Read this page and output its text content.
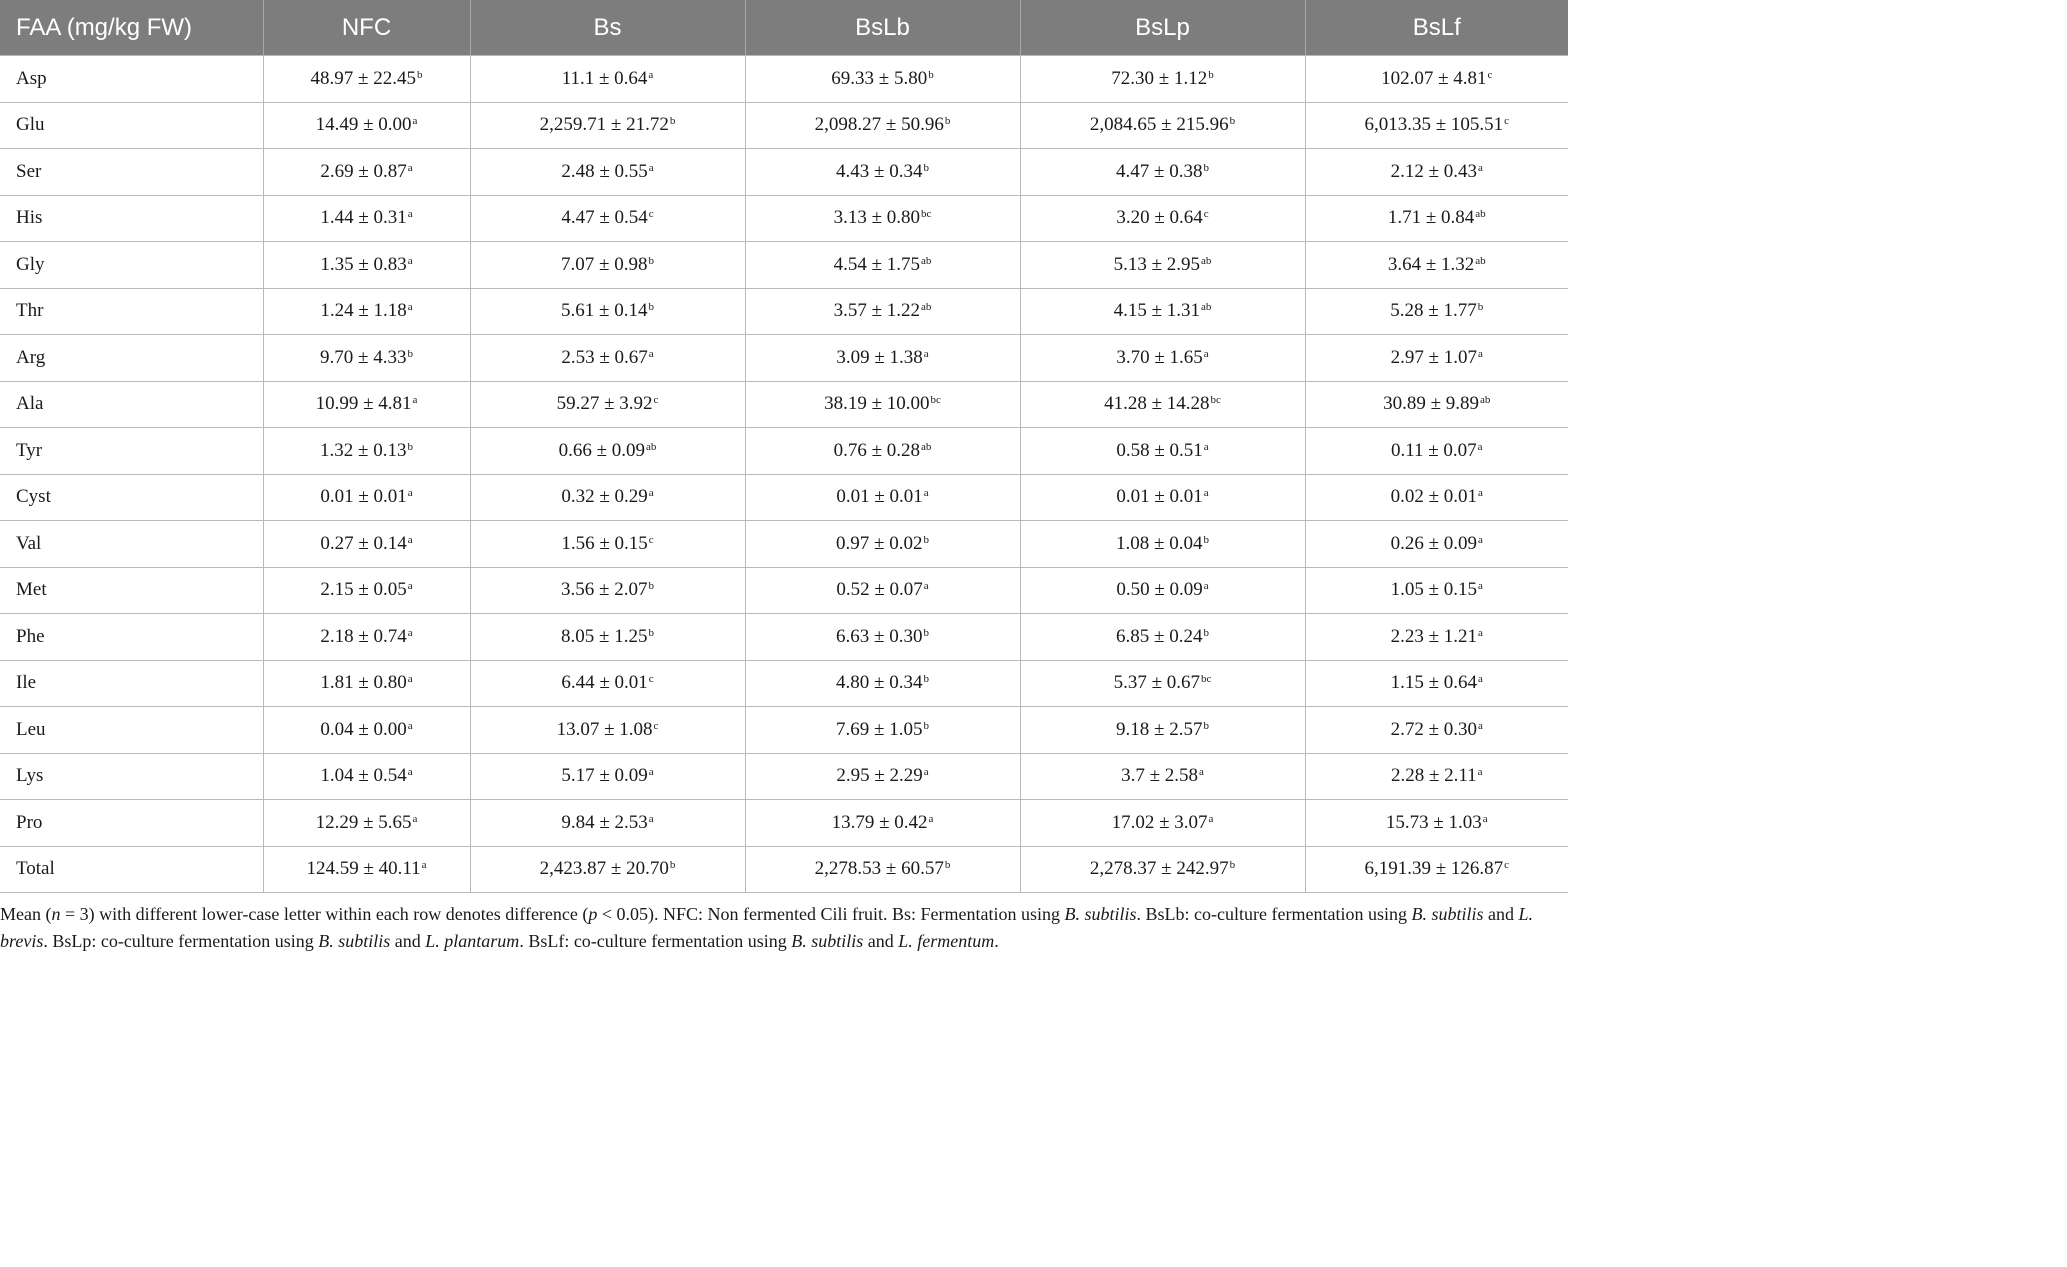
FAA (mg/kg FW)	NFC	Bs	BsLb	BsLp	BsLf
Asp	48.97 ± 22.45$^b$	11.1 ± 0.64$^a$	69.33 ± 5.80$^b$	72.30 ± 1.12$^b$	102.07 ± 4.81$^c$
Glu	14.49 ± 0.00$^a$	2,259.71 ± 21.72$^b$	2,098.27 ± 50.96$^b$	2,084.65 ± 215.96$^b$	6,013.35 ± 105.51$^c$
Ser	2.69 ± 0.87$^a$	2.48 ± 0.55$^a$	4.43 ± 0.34$^b$	4.47 ± 0.38$^b$	2.12 ± 0.43$^a$
His	1.44 ± 0.31$^a$	4.47 ± 0.54$^c$	3.13 ± 0.80$^{bc}$	3.20 ± 0.64$^c$	1.71 ± 0.84$^{ab}$
Gly	1.35 ± 0.83$^a$	7.07 ± 0.98$^b$	4.54 ± 1.75$^{ab}$	5.13 ± 2.95$^{ab}$	3.64 ± 1.32$^{ab}$
Thr	1.24 ± 1.18$^a$	5.61 ± 0.14$^b$	3.57 ± 1.22$^{ab}$	4.15 ± 1.31$^{ab}$	5.28 ± 1.77$^b$
Arg	9.70 ± 4.33$^b$	2.53 ± 0.67$^a$	3.09 ± 1.38$^a$	3.70 ± 1.65$^a$	2.97 ± 1.07$^a$
Ala	10.99 ± 4.81$^a$	59.27 ± 3.92$^c$	38.19 ± 10.00$^{bc}$	41.28 ± 14.28$^{bc}$	30.89 ± 9.89$^{ab}$
Tyr	1.32 ± 0.13$^b$	0.66 ± 0.09$^{ab}$	0.76 ± 0.28$^{ab}$	0.58 ± 0.51$^a$	0.11 ± 0.07$^a$
Cyst	0.01 ± 0.01$^a$	0.32 ± 0.29$^a$	0.01 ± 0.01$^a$	0.01 ± 0.01$^a$	0.02 ± 0.01$^a$
Val	0.27 ± 0.14$^a$	1.56 ± 0.15$^c$	0.97 ± 0.02$^b$	1.08 ± 0.04$^b$	0.26 ± 0.09$^a$
Met	2.15 ± 0.05$^a$	3.56 ± 2.07$^b$	0.52 ± 0.07$^a$	0.50 ± 0.09$^a$	1.05 ± 0.15$^a$
Phe	2.18 ± 0.74$^a$	8.05 ± 1.25$^b$	6.63 ± 0.30$^b$	6.85 ± 0.24$^b$	2.23 ± 1.21$^a$
Ile	1.81 ± 0.80$^a$	6.44 ± 0.01$^c$	4.80 ± 0.34$^b$	5.37 ± 0.67$^{bc}$	1.15 ± 0.64$^a$
Leu	0.04 ± 0.00$^a$	13.07 ± 1.08$^c$	7.69 ± 1.05$^b$	9.18 ± 2.57$^b$	2.72 ± 0.30$^a$
Lys	1.04 ± 0.54$^a$	5.17 ± 0.09$^a$	2.95 ± 2.29$^a$	3.7 ± 2.58$^a$	2.28 ± 2.11$^a$
Pro	12.29 ± 5.65$^a$	9.84 ± 2.53$^a$	13.79 ± 0.42$^a$	17.02 ± 3.07$^a$	15.73 ± 1.03$^a$
Total	124.59 ± 40.11$^a$	2,423.87 ± 20.70$^b$	2,278.53 ± 60.57$^b$	2,278.37 ± 242.97$^b$	6,191.39 ± 126.87$^c$
Mean (n = 3) with different lower-case letter within each row denotes difference (p < 0.05). NFC: Non fermented Cili fruit. Bs: Fermentation using B. subtilis. BsLb: co-culture fermentation using B. subtilis and L. brevis. BsLp: co-culture fermentation using B. subtilis and L. plantarum. BsLf: co-culture fermentation using B. subtilis and L. fermentum.
